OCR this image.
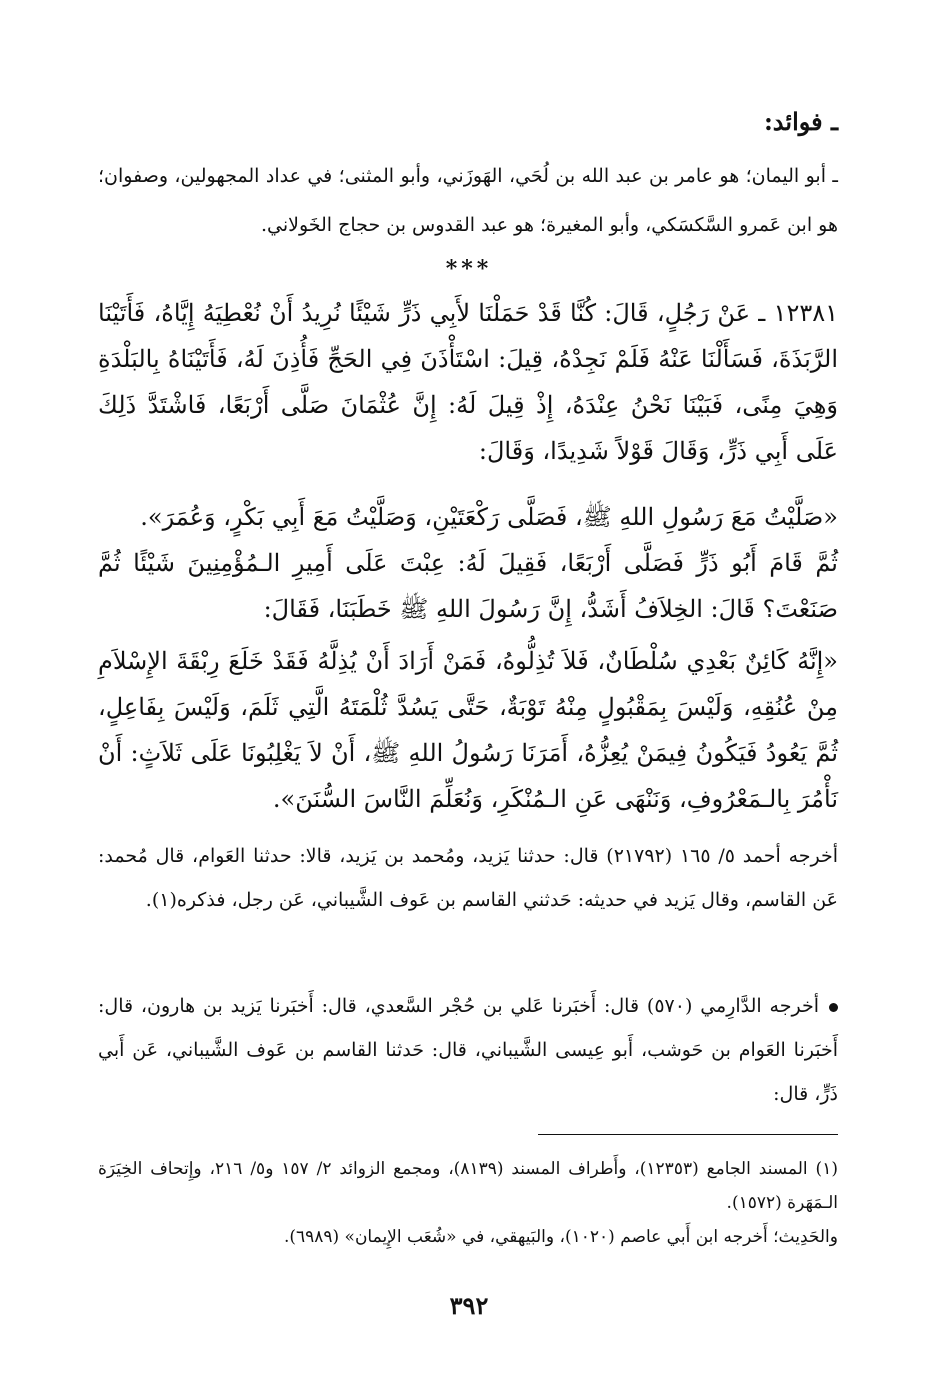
ـ فوائد:

ـ أبو اليمان؛ هو عامر بن عبد الله بن لُحَي، الهَوزَني، وأبو المثنى؛ في عداد المجهولين، وصفوان؛ هو ابن عَمرو السَّكسَكي، وأبو المغيرة؛ هو عبد القدوس بن حجاج الخَولاني.

***

١٢٣٨١ ـ عَنْ رَجُلٍ، قَالَ: كُنَّا قَدْ حَمَلْنَا لأَبِي ذَرٍّ شَيْئًا نُرِيدُ أَنْ نُعْطِيَهُ إِيَّاهُ، فَأَتَيْنَا الرَّبَذَةَ، فَسَأَلْنَا عَنْهُ فَلَمْ نَجِدْهُ، قِيلَ: اسْتَأْذَنَ فِي الحَجِّ فَأُذِنَ لَهُ، فَأَتَيْنَاهُ بِالبَلْدَةِ وَهِيَ مِنًى، فَبَيْنَا نَحْنُ عِنْدَهُ، إِذْ قِيلَ لَهُ: إِنَّ عُثْمَانَ صَلَّى أَرْبَعًا، فَاشْتَدَّ ذَلِكَ عَلَى أَبِي ذَرٍّ، وَقَالَ قَوْلاً شَدِيدًا، وَقَالَ:

«صَلَّيْتُ مَعَ رَسُولِ اللهِ ﷺ، فَصَلَّى رَكْعَتَيْنِ، وَصَلَّيْتُ مَعَ أَبِي بَكْرٍ، وَعُمَرَ».

ثُمَّ قَامَ أَبُو ذَرٍّ فَصَلَّى أَرْبَعًا، فَقِيلَ لَهُ: عِبْتَ عَلَى أَمِيرِ الـمُؤْمِنِينَ شَيْئًا ثُمَّ صَنَعْتَ؟ قَالَ: الخِلاَفُ أَشَدُّ، إِنَّ رَسُولَ اللهِ ﷺ خَطَبَنَا، فَقَالَ:

«إِنَّهُ كَائِنٌ بَعْدِي سُلْطَانٌ، فَلاَ تُذِلُّوهُ، فَمَنْ أَرَادَ أَنْ يُذِلَّهُ فَقَدْ خَلَعَ رِبْقَةَ الإِسْلاَمِ مِنْ عُنُقِهِ، وَلَيْسَ بِمَقْبُولٍ مِنْهُ تَوْبَةٌ، حَتَّى يَسُدَّ ثُلْمَتَهُ الَّتِي ثَلَمَ، وَلَيْسَ بِفَاعِلٍ، ثُمَّ يَعُودُ فَيَكُونُ فِيمَنْ يُعِزُّهُ، أَمَرَنَا رَسُولُ اللهِ ﷺ، أَنْ لاَ يَغْلِبُونَا عَلَى ثَلاَثٍ: أَنْ نَأْمُرَ بِالـمَعْرُوفِ، وَنَنْهَى عَنِ الـمُنْكَرِ، وَنُعَلِّمَ النَّاسَ السُّنَنَ».

أخرجه أحمد ٥/ ١٦٥ (٢١٧٩٢) قال: حدثنا يَزيد، ومُحمد بن يَزيد، قالا: حدثنا العَوام، قال مُحمد: عَن القاسم، وقال يَزيد في حديثه: حَدثني القاسم بن عَوف الشَّيباني، عَن رجل، فذكره(١).

أخرجه الدَّارِمي (٥٧٠) قال: أَخبَرنا عَلي بن حُجْر السَّعدي، قال: أَخبَرنا يَزيد بن هارون، قال: أَخبَرنا العَوام بن حَوشب، أَبو عِيسى الشَّيباني، قال: حَدثنا القاسم بن عَوف الشَّيباني، عَن أَبي ذَرٍّ، قال:

(١) المسند الجامع (١٢٣٥٣)، وأَطراف المسند (٨١٣٩)، ومجمع الزوائد ٢/ ١٥٧ و٥/ ٢١٦، وإِتحاف الخِيَرَة الـمَهَرة (١٥٧٢).

والحَدِيث؛ أَخرجه ابن أَبي عاصم (١٠٢٠)، والبَيهقي، في «شُعَب الإِيمان» (٦٩٨٩).

٣٩٢
